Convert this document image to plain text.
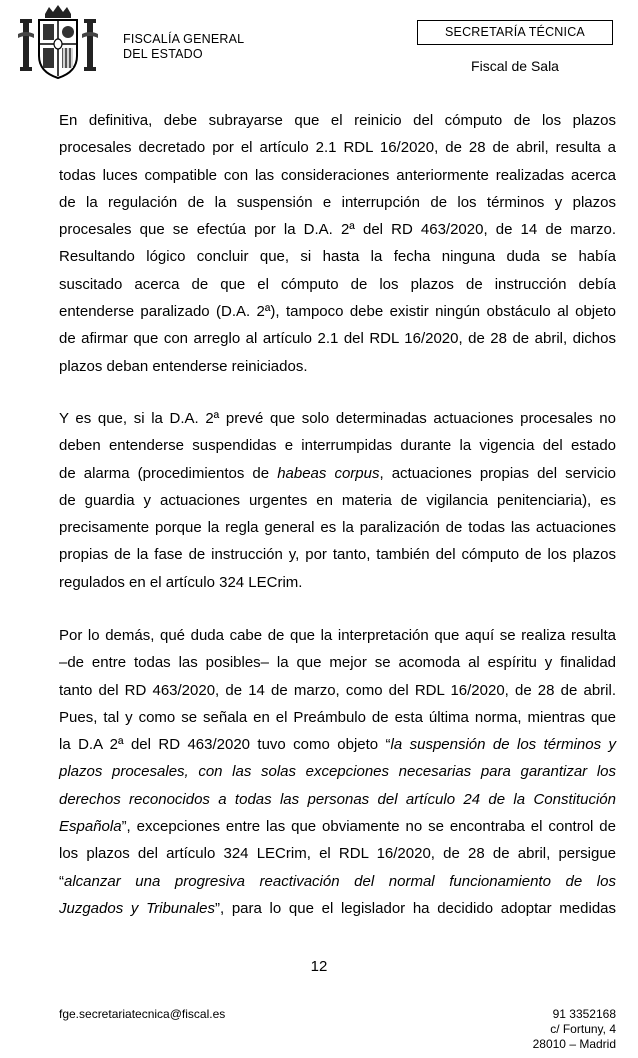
FISCALÍA GENERAL
DEL ESTADO
SECRETARÍA TÉCNICA
Fiscal de Sala
En definitiva, debe subrayarse que el reinicio del cómputo de los plazos
procesales decretado por el artículo 2.1 RDL 16/2020, de 28 de abril, resulta a
todas luces compatible con las consideraciones anteriormente realizadas acerca
de la regulación de la suspensión e interrupción de los términos y plazos
procesales que se efectúa por la D.A. 2ª del RD 463/2020, de 14 de marzo.
Resultando lógico concluir que, si hasta la fecha ninguna duda se había
suscitado acerca de que el cómputo de los plazos de instrucción debía
entenderse paralizado (D.A. 2ª), tampoco debe existir ningún obstáculo al objeto
de afirmar que con arreglo al artículo 2.1 del RDL 16/2020, de 28 de abril, dichos
plazos deban entenderse reiniciados.
Y es que, si la D.A. 2ª prevé que solo determinadas actuaciones procesales no
deben entenderse suspendidas e interrumpidas durante la vigencia del estado
de alarma (procedimientos de habeas corpus, actuaciones propias del servicio
de guardia y actuaciones urgentes en materia de vigilancia penitenciaria), es
precisamente porque la regla general es la paralización de todas las actuaciones
propias de la fase de instrucción y, por tanto, también del cómputo de los plazos
regulados en el artículo 324 LECrim.
Por lo demás, qué duda cabe de que la interpretación que aquí se realiza resulta
–de entre todas las posibles– la que mejor se acomoda al espíritu y finalidad
tanto del RD 463/2020, de 14 de marzo, como del RDL 16/2020, de 28 de abril.
Pues, tal y como se señala en el Preámbulo de esta última norma, mientras que
la D.A 2ª del RD 463/2020 tuvo como objeto “la suspensión de los términos y
plazos procesales, con las solas excepciones necesarias para garantizar los
derechos reconocidos a todas las personas del artículo 24 de la Constitución
Española”, excepciones entre las que obviamente no se encontraba el control de
los plazos del artículo 324 LECrim, el RDL 16/2020, de 28 de abril, persigue
“alcanzar una progresiva reactivación del normal funcionamiento de los
Juzgados y Tribunales”, para lo que el legislador ha decidido adoptar medidas
12
fge.secretariatecnica@fiscal.es	91 3352168
c/ Fortuny, 4
28010 – Madrid
